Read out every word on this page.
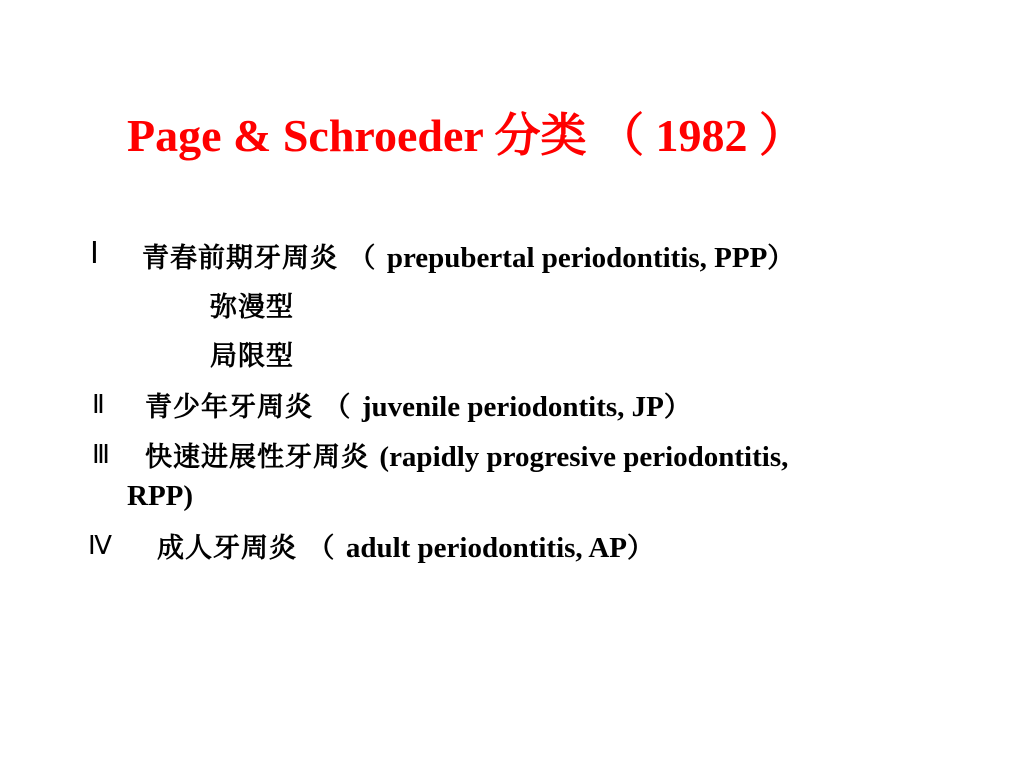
Page & Schroeder 分类 （ 1982 ）
Ⅰ 青春前期牙周炎 （ prepubertal periodontitis, PPP）
弥漫型
局限型
Ⅱ 青少年牙周炎 （ juvenile periodontits, JP）
Ⅲ 快速进展性牙周炎 (rapidly progresive periodontitis,
RPP)
Ⅳ 成人牙周炎 （ adult periodontitis, AP）
